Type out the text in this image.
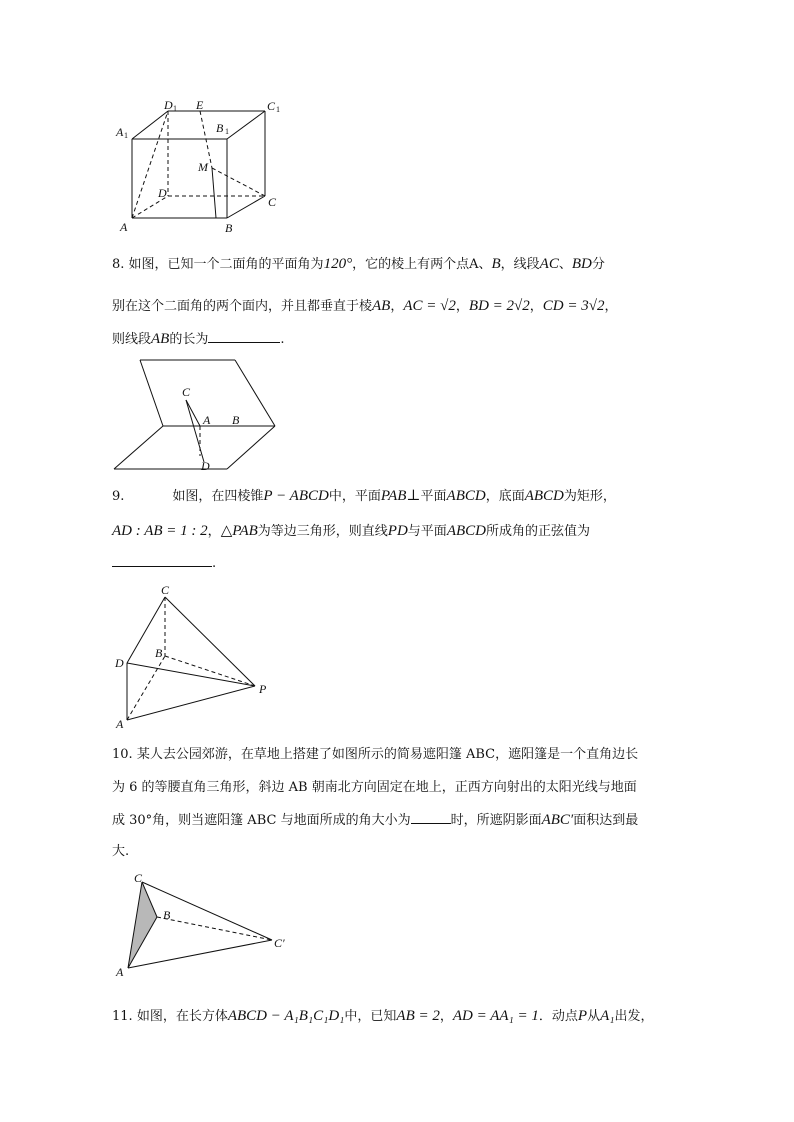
D 1 E	C 1
A 1
B 1
M
D
C
A	B
8. 如图，已知一个二面角的平面角为120°，它的棱上有两个点A、B，线段AC、BD分
别在这个二面角的两个面内，并且都垂直于棱AB，AC = √2，BD = 2√2，CD = 3√2，
则线段AB的长为	.
C
A B
D
9.	如图，在四棱锥P − ABCD中，平面PAB⊥平面ABCD，底面ABCD为矩形，
AD : AB = 1 : 2，△PAB为等边三角形，则直线PD与平面ABCD所成角的正弦值为
.
C
D
B
P
A
10. 某人去公园郊游，在草地上搭建了如图所示的简易遮阳篷 ABC，遮阳篷是一个直角边长
为 6 的等腰直角三角形，斜边 AB 朝南北方向固定在地上，正西方向射出的太阳光线与地面
成 30°角，则当遮阳篷 ABC 与地面所成的角大小为	时，所遮阴影面ABC′面积达到最
大.
C
B
C′
A
11. 如图，在长方体ABCD − A₁B₁C₁D₁中，已知AB = 2，AD = AA₁ = 1．动点P从A₁出发，
